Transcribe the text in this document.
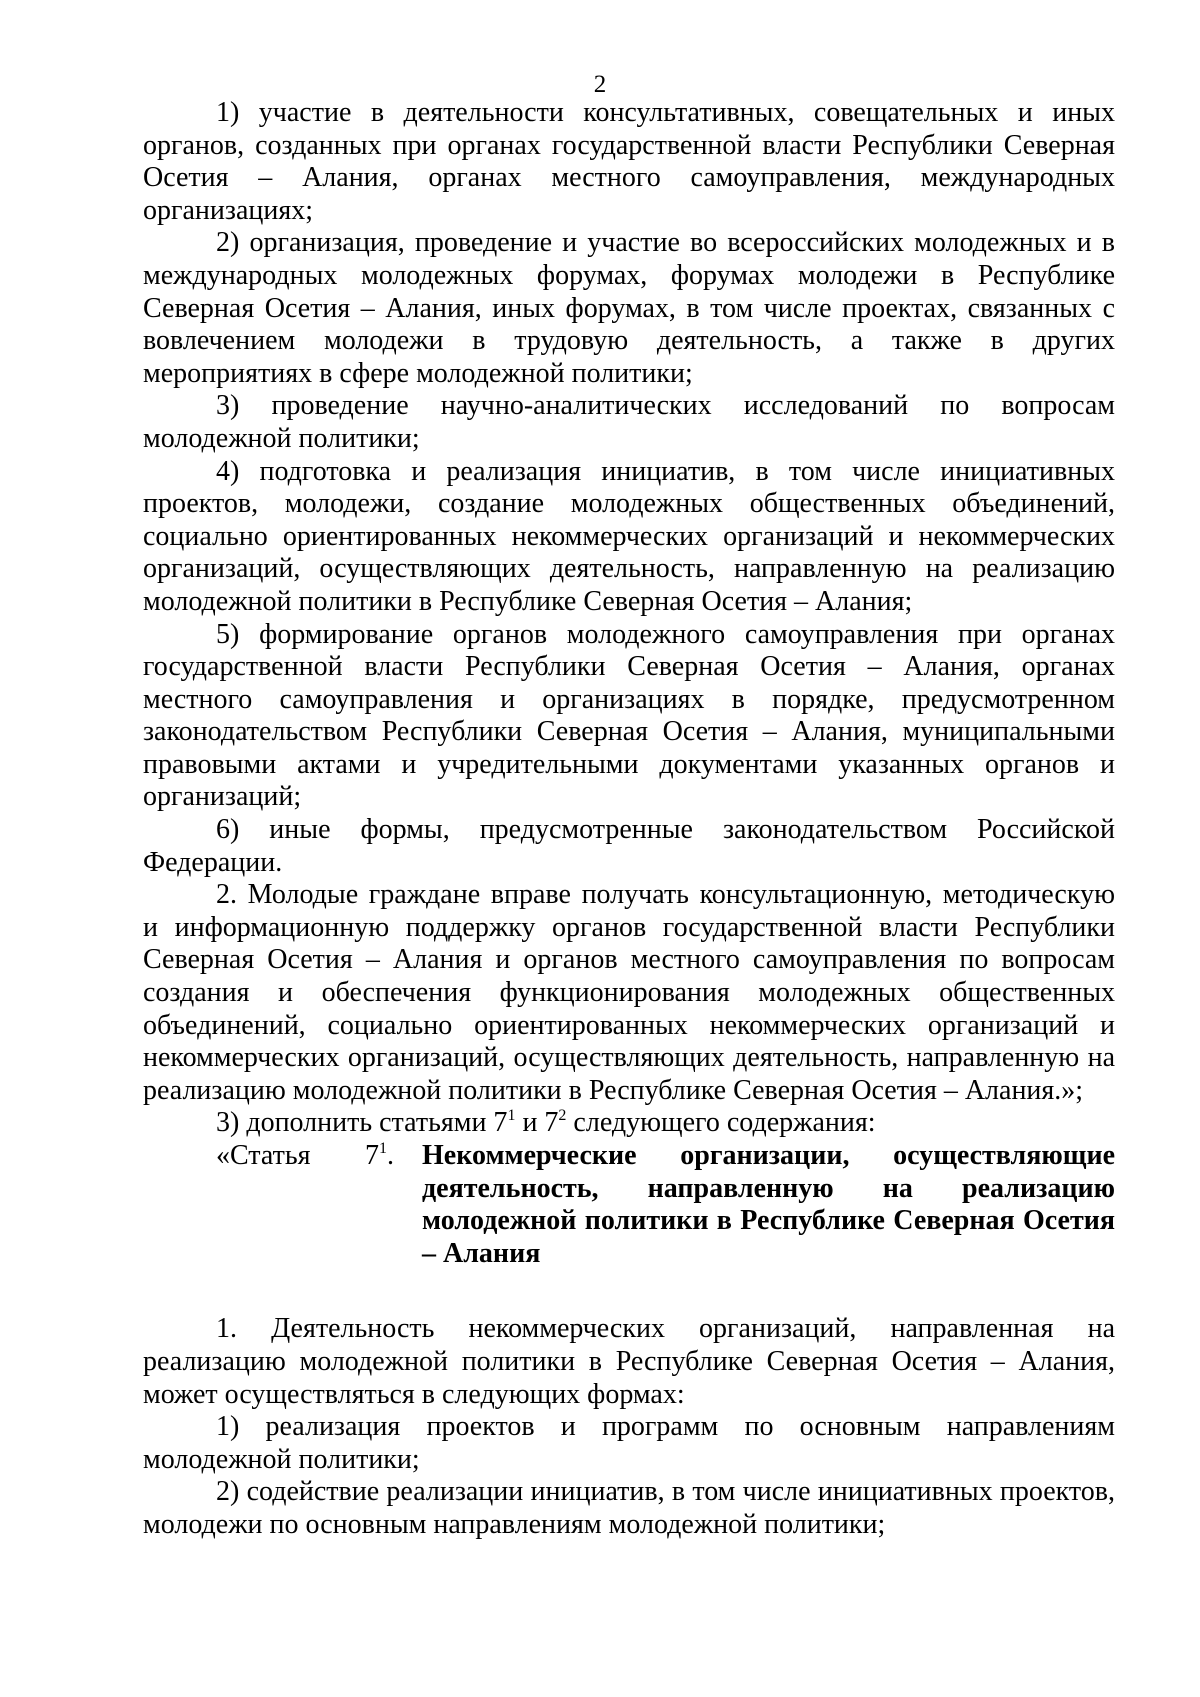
2

1) участие в деятельности консультативных, совещательных и иных органов, созданных при органах государственной власти Республики Северная Осетия – Алания, органах местного самоуправления, международных организациях;

2) организация, проведение и участие во всероссийских молодежных и в международных молодежных форумах, форумах молодежи в Республике Северная Осетия – Алания, иных форумах, в том числе проектах, связанных с вовлечением молодежи в трудовую деятельность, а также в других мероприятиях в сфере молодежной политики;

3) проведение научно-аналитических исследований по вопросам молодежной политики;

4) подготовка и реализация инициатив, в том числе инициативных проектов, молодежи, создание молодежных общественных объединений, социально ориентированных некоммерческих организаций и некоммерческих организаций, осуществляющих деятельность, направленную на реализацию молодежной политики в Республике Северная Осетия – Алания;

5) формирование органов молодежного самоуправления при органах государственной власти Республики Северная Осетия – Алания, органах местного самоуправления и организациях в порядке, предусмотренном законодательством Республики Северная Осетия – Алания, муниципальными правовыми актами и учредительными документами указанных органов и организаций;

6) иные формы, предусмотренные законодательством Российской Федерации.

2. Молодые граждане вправе получать консультационную, методическую и информационную поддержку органов государственной власти Республики Северная Осетия – Алания и органов местного самоуправления по вопросам создания и обеспечения функционирования молодежных общественных объединений, социально ориентированных некоммерческих организаций и некоммерческих организаций, осуществляющих деятельность, направленную на реализацию молодежной политики в Республике Северная Осетия – Алания.»;

3) дополнить статьями $7^1$ и $7^2$ следующего содержания:

«Статья $7^1$. Некоммерческие организации, осуществляющие деятельность, направленную на реализацию молодежной политики в Республике Северная Осетия – Алания

1. Деятельность некоммерческих организаций, направленная на реализацию молодежной политики в Республике Северная Осетия – Алания, может осуществляться в следующих формах:

1) реализация проектов и программ по основным направлениям молодежной политики;

2) содействие реализации инициатив, в том числе инициативных проектов, молодежи по основным направлениям молодежной политики;
